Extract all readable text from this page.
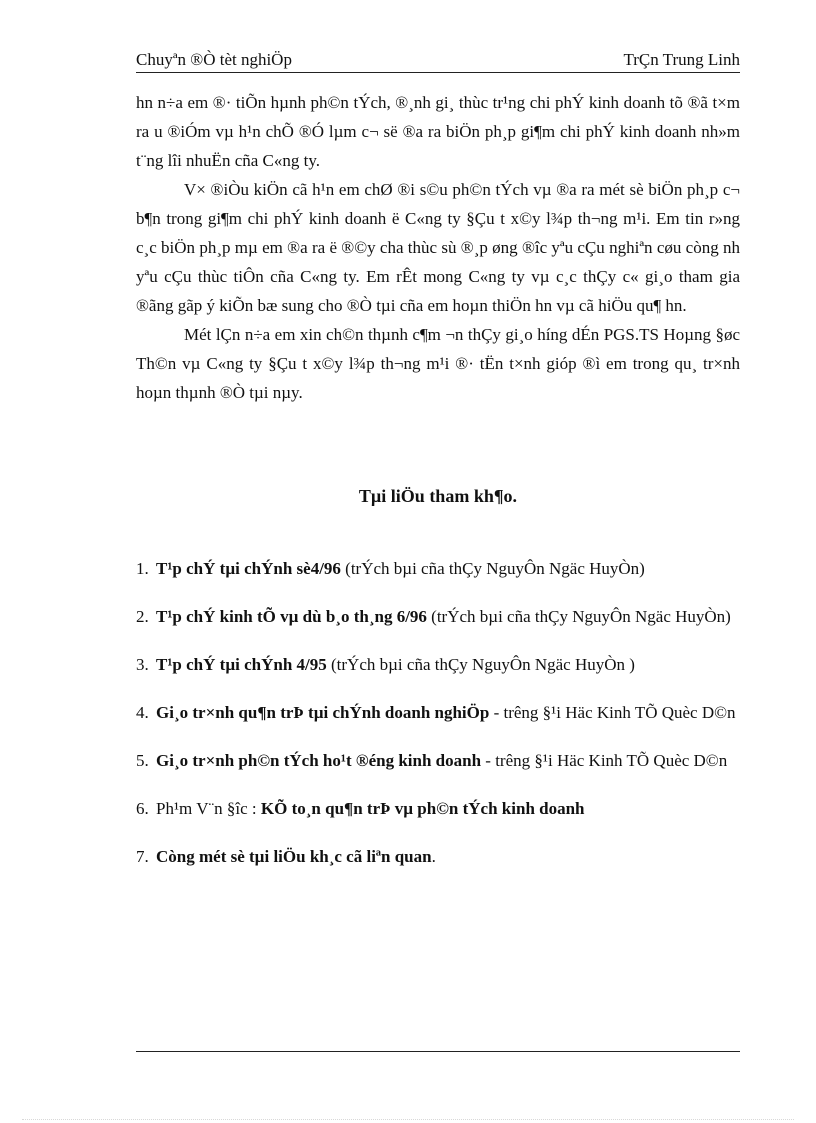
Chuyªn ®Ò tèt nghiÖp	TrÇn Trung Linh

hn n÷a em ®· tiÕn hµnh ph©n tÝch, ®¸nh gi¸ thùc tr¹ng chi phÝ kinh doanh tõ ®ã t×m ra u ®iÓm vµ h¹n chÕ ®Ó lµm c¬ së ®a ra biÖn ph¸p gi¶m chi phÝ kinh doanh nh»m t¨ng lîi nhuËn cña C«ng ty.

V× ®iÒu kiÖn cã h¹n em chØ ®i s©u ph©n tÝch vµ ®a ra mét sè biÖn ph¸p c¬ b¶n trong gi¶m chi phÝ kinh doanh ë C«ng ty §Çu t x©y l¾p th¬ng m¹i. Em tin r»ng c¸c biÖn ph¸p mµ em ®a ra ë ®©y cha thùc sù ®¸p øng ®îc yªu cÇu nghiªn cøu còng nh yªu cÇu thùc tiÔn cña C«ng ty. Em rÊt mong C«ng ty vµ c¸c thÇy c« gi¸o tham gia ®ãng gãp ý kiÕn bæ sung cho ®Ò tµi cña em hoµn thiÖn hn vµ cã hiÖu qu¶ hn.

Mét lÇn n÷a em xin ch©n thµnh c¶m ¬n thÇy gi¸o híng dÉn PGS.TS Hoµng §øc Th©n vµ C«ng ty §Çu t x©y l¾p th¬ng m¹i ®· tËn t×nh gióp ®ì em trong qu¸ tr×nh hoµn thµnh ®Ò tµi nµy.

Tµi liÖu tham kh¶o.
1. T¹p chÝ tµi chÝnh sè4/96 (trÝch bµi cña thÇy NguyÔn Ngäc HuyÒn)
2. T¹p chÝ kinh tÕ vµ dù b¸o th¸ng 6/96 (trÝch bµi cña thÇy NguyÔn Ngäc HuyÒn)
3. T¹p chÝ tµi chÝnh 4/95 (trÝch bµi cña thÇy NguyÔn Ngäc HuyÒn )
4. Gi¸o tr×nh qu¶n trÞ tµi chÝnh doanh nghiÖp - trêng §¹i Häc Kinh TÕ Quèc D©n
5. Gi¸o tr×nh ph©n tÝch ho¹t ®éng kinh doanh - trêng §¹i Häc Kinh TÕ Quèc D©n
6. Ph¹m V¨n §îc : KÕ to¸n qu¶n trÞ vµ ph©n tÝch kinh doanh
7. Còng mét sè tµi liÖu kh¸c cã liªn quan.
